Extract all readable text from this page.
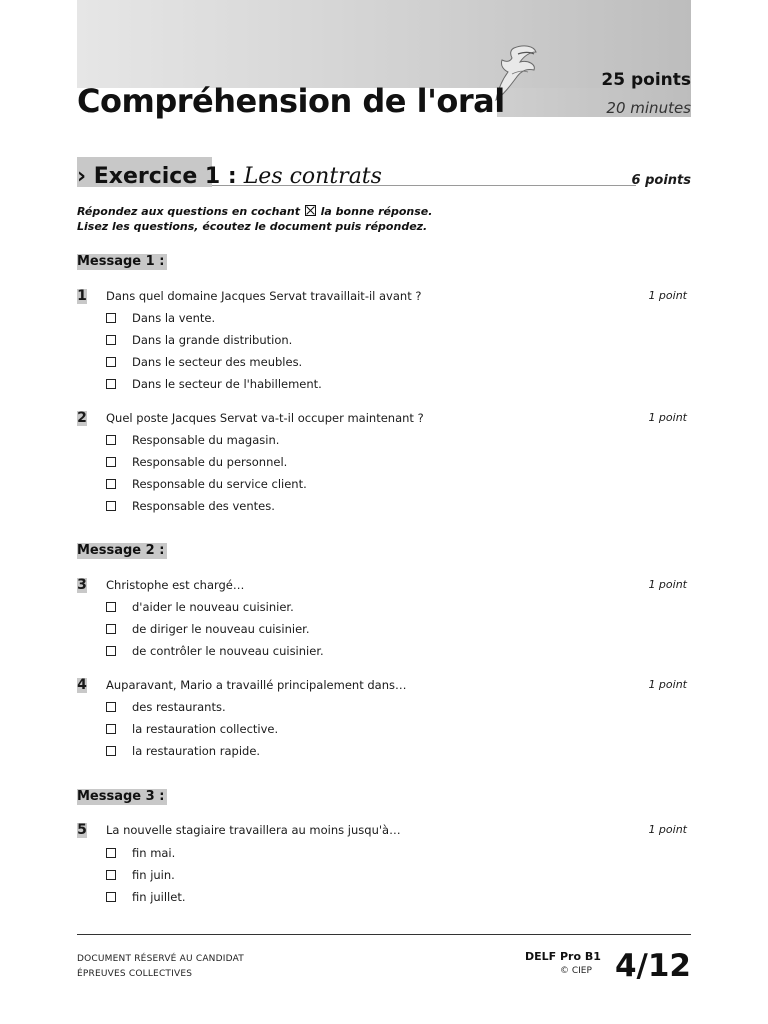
Compréhension de l'oral
25 points
20 minutes
› Exercice 1 : Les contrats	6 points
Répondez aux questions en cochant la bonne réponse.
Lisez les questions, écoutez le document puis répondez.
Message 1 :
1 Dans quel domaine Jacques Servat travaillait-il avant ?	1 point
Dans la vente.
Dans la grande distribution.
Dans le secteur des meubles.
Dans le secteur de l'habillement.
2 Quel poste Jacques Servat va-t-il occuper maintenant ?	1 point
Responsable du magasin.
Responsable du personnel.
Responsable du service client.
Responsable des ventes.
Message 2 :
3 Christophe est chargé…	1 point
d'aider le nouveau cuisinier.
de diriger le nouveau cuisinier.
de contrôler le nouveau cuisinier.
4 Auparavant, Mario a travaillé principalement dans…	1 point
des restaurants.
la restauration collective.
la restauration rapide.
Message 3 :
5 La nouvelle stagiaire travaillera au moins jusqu'à…	1 point
fin mai.
fin juin.
fin juillet.
DOCUMENT RÉSERVÉ AU CANDIDAT
ÉPREUVES COLLECTIVES
DELF Pro B1
© CIEP 4/12
